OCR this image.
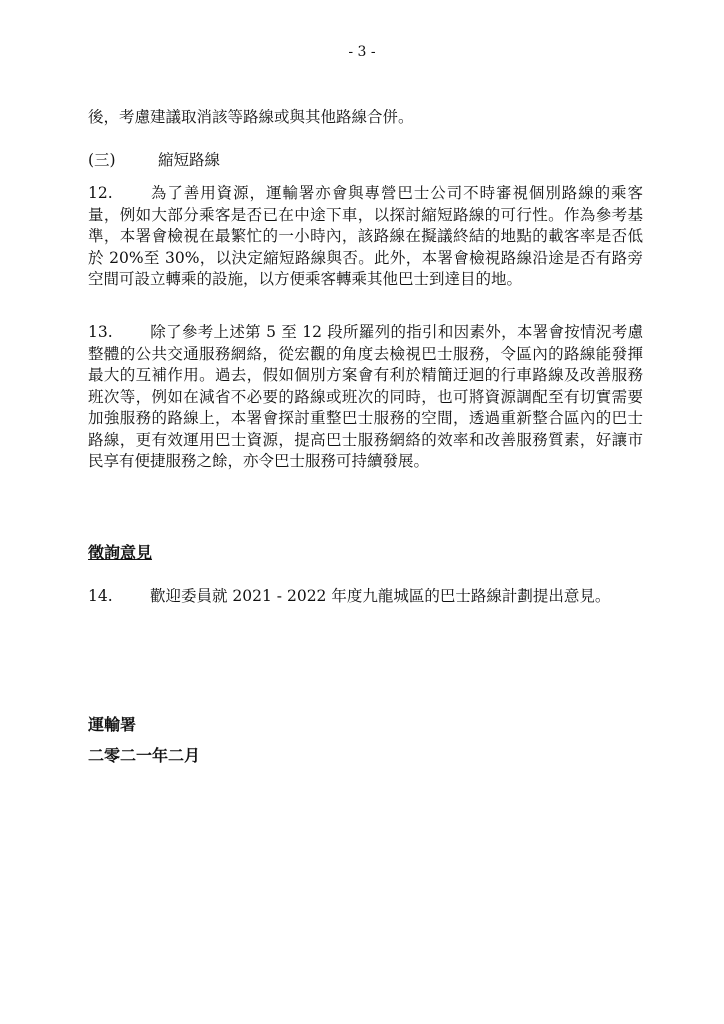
- 3 -
後，考慮建議取消該等路線或與其他路線合併。
(三)	縮短路線
12. 為了善用資源，運輸署亦會與專營巴士公司不時審視個別路線的乘客量，例如大部分乘客是否已在中途下車，以探討縮短路線的可行性。作為參考基準，本署會檢視在最繁忙的一小時內，該路線在擬議終結的地點的載客率是否低於 20%至 30%，以決定縮短路線與否。此外，本署會檢視路線沿途是否有路旁空間可設立轉乘的設施，以方便乘客轉乘其他巴士到達目的地。
13. 除了參考上述第 5 至 12 段所羅列的指引和因素外，本署會按情況考慮整體的公共交通服務網絡，從宏觀的角度去檢視巴士服務，令區內的路線能發揮最大的互補作用。過去，假如個別方案會有利於精簡迂迴的行車路線及改善服務班次等，例如在減省不必要的路線或班次的同時，也可將資源調配至有切實需要加強服務的路線上，本署會探討重整巴士服務的空間，透過重新整合區內的巴士路線，更有效運用巴士資源，提高巴士服務網絡的效率和改善服務質素，好讓市民享有便捷服務之餘，亦令巴士服務可持續發展。
徵詢意見
14. 歡迎委員就 2021 - 2022 年度九龍城區的巴士路線計劃提出意見。
運輸署
二零二一年二月
